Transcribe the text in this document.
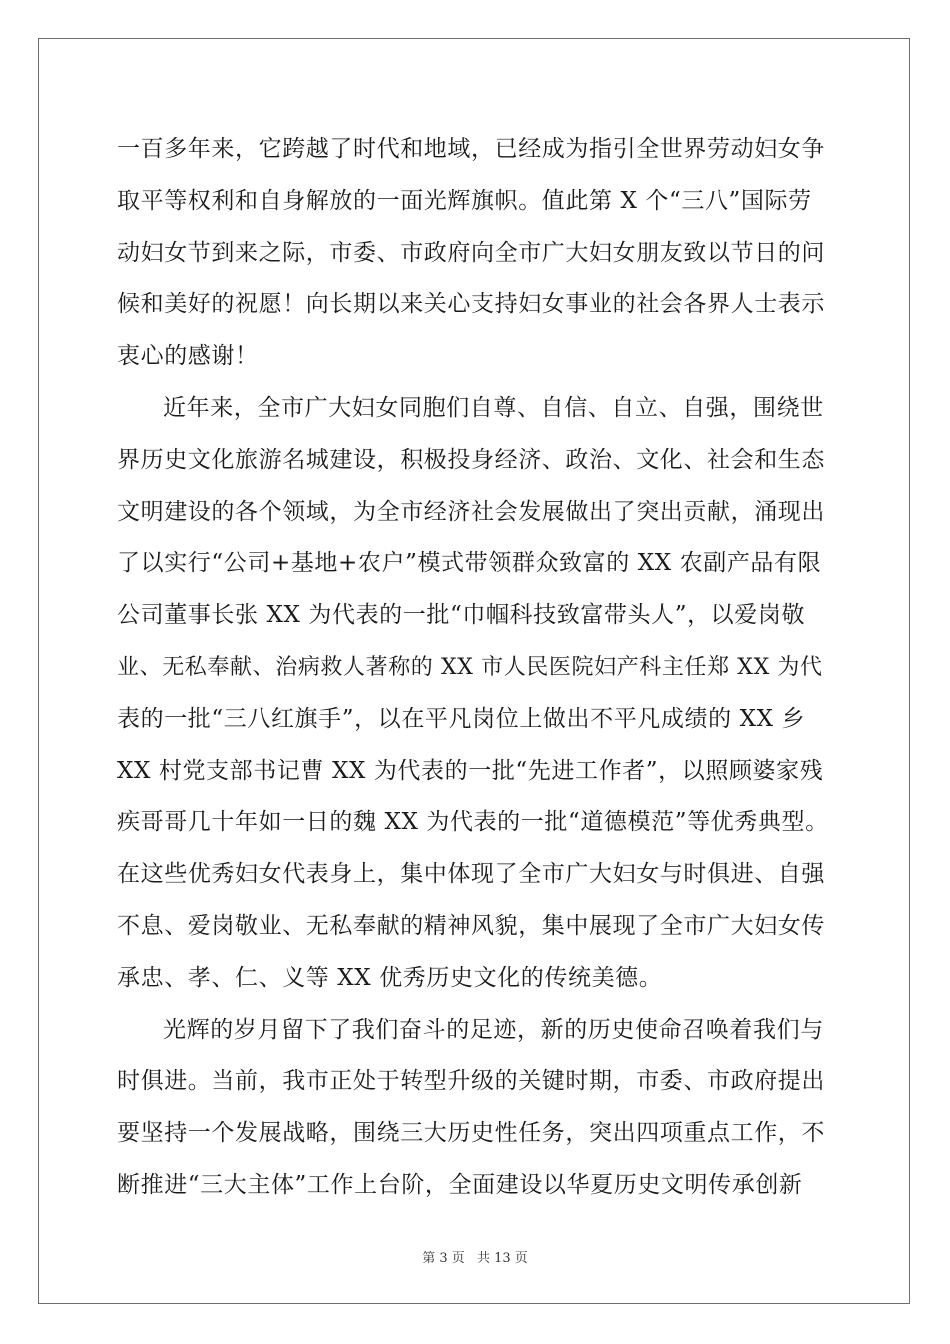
一百多年来，它跨越了时代和地域，已经成为指引全世界劳动妇女争
取平等权利和自身解放的一面光辉旗帜。值此第 X 个“三八”国际劳
动妇女节到来之际，市委、市政府向全市广大妇女朋友致以节日的问
候和美好的祝愿！向长期以来关心支持妇女事业的社会各界人士表示
衷心的感谢！
近年来，全市广大妇女同胞们自尊、自信、自立、自强，围绕世
界历史文化旅游名城建设，积极投身经济、政治、文化、社会和生态
文明建设的各个领域，为全市经济社会发展做出了突出贡献，涌现出
了以实行“公司+基地+农户”模式带领群众致富的 XX 农副产品有限
公司董事长张 XX 为代表的一批“巾帼科技致富带头人”，以爱岗敬
业、无私奉献、治病救人著称的 XX 市人民医院妇产科主任郑 XX 为代
表的一批“三八红旗手”，以在平凡岗位上做出不平凡成绩的 XX 乡
XX 村党支部书记曹 XX 为代表的一批“先进工作者”，以照顾婆家残
疾哥哥几十年如一日的魏 XX 为代表的一批“道德模范”等优秀典型。
在这些优秀妇女代表身上，集中体现了全市广大妇女与时俱进、自强
不息、爱岗敬业、无私奉献的精神风貌，集中展现了全市广大妇女传
承忠、孝、仁、义等 XX 优秀历史文化的传统美德。
光辉的岁月留下了我们奋斗的足迹，新的历史使命召唤着我们与
时俱进。当前，我市正处于转型升级的关键时期，市委、市政府提出
要坚持一个发展战略，围绕三大历史性任务，突出四项重点工作，不
断推进“三大主体”工作上台阶，全面建设以华夏历史文明传承创新
第 3 页 共 13 页
